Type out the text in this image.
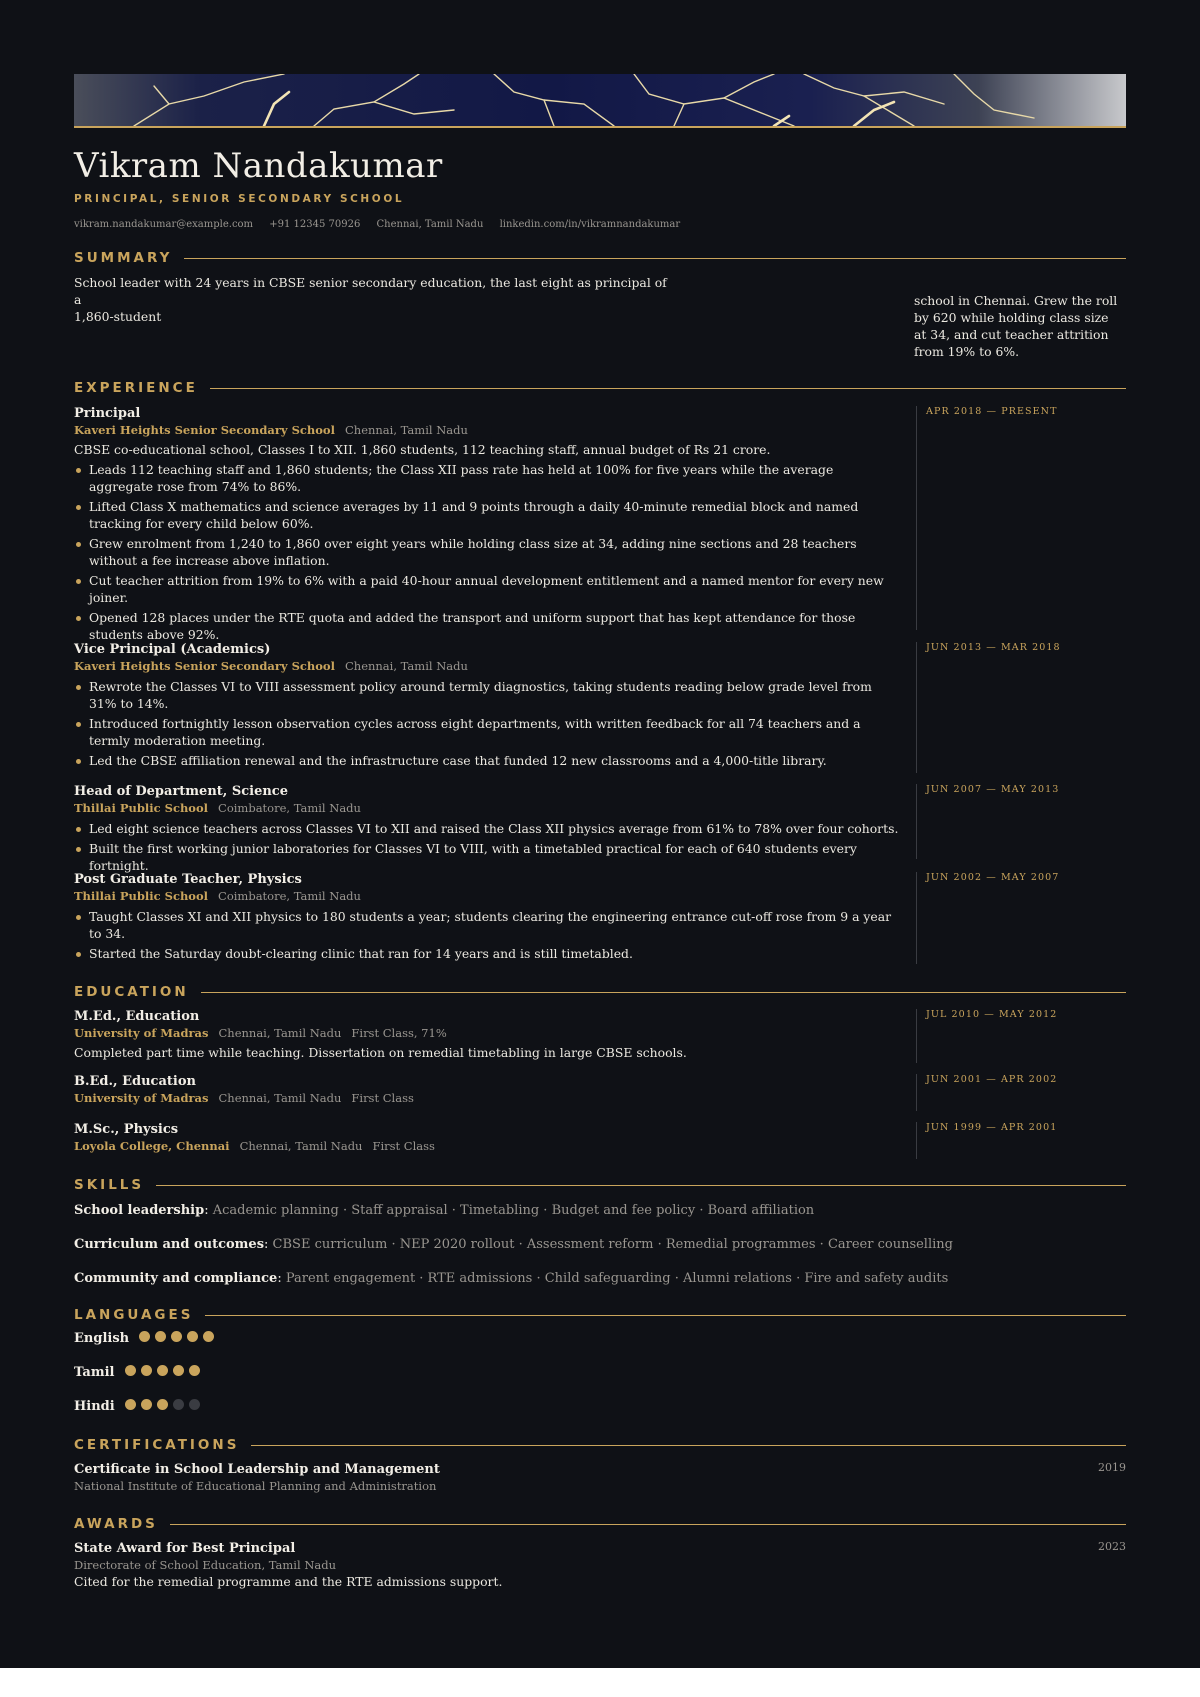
Vikram Nandakumar
PRINCIPAL, SENIOR SECONDARY SCHOOL
vikram.nandakumar@example.com +91 12345 70926 Chennai, Tamil Nadu linkedin.com/in/vikramnandakumar
SUMMARY
School leader with 24 years in CBSE senior secondary education, the last eight as principal of a
1,860-student
school in Chennai. Grew the roll by 620 while holding class size at 34, and cut teacher attrition from 19% to 6%.
EXPERIENCE
Principal
Kaveri Heights Senior Secondary School Chennai, Tamil Nadu
CBSE co-educational school, Classes I to XII. 1,860 students, 112 teaching staff, annual budget of Rs 21 crore.
Leads 112 teaching staff and 1,860 students; the Class XII pass rate has held at 100% for five years while the average aggregate rose from 74% to 86%.
Lifted Class X mathematics and science averages by 11 and 9 points through a daily 40-minute remedial block and named tracking for every child below 60%.
Grew enrolment from 1,240 to 1,860 over eight years while holding class size at 34, adding nine sections and 28 teachers without a fee increase above inflation.
Cut teacher attrition from 19% to 6% with a paid 40-hour annual development entitlement and a named mentor for every new joiner.
Opened 128 places under the RTE quota and added the transport and uniform support that has kept attendance for those students above 92%.
APR 2018 — PRESENT
Vice Principal (Academics)
Kaveri Heights Senior Secondary School Chennai, Tamil Nadu
Rewrote the Classes VI to VIII assessment policy around termly diagnostics, taking students reading below grade level from 31% to 14%.
Introduced fortnightly lesson observation cycles across eight departments, with written feedback for all 74 teachers and a termly moderation meeting.
Led the CBSE affiliation renewal and the infrastructure case that funded 12 new classrooms and a 4,000-title library.
JUN 2013 — MAR 2018
Head of Department, Science
Thillai Public School Coimbatore, Tamil Nadu
Led eight science teachers across Classes VI to XII and raised the Class XII physics average from 61% to 78% over four cohorts.
Built the first working junior laboratories for Classes VI to VIII, with a timetabled practical for each of 640 students every fortnight.
JUN 2007 — MAY 2013
Post Graduate Teacher, Physics
Thillai Public School Coimbatore, Tamil Nadu
Taught Classes XI and XII physics to 180 students a year; students clearing the engineering entrance cut-off rose from 9 a year to 34.
Started the Saturday doubt-clearing clinic that ran for 14 years and is still timetabled.
JUN 2002 — MAY 2007
EDUCATION
M.Ed., Education
University of Madras Chennai, Tamil Nadu First Class, 71%
Completed part time while teaching. Dissertation on remedial timetabling in large CBSE schools.
JUL 2010 — MAY 2012
B.Ed., Education
University of Madras Chennai, Tamil Nadu First Class
JUN 2001 — APR 2002
M.Sc., Physics
Loyola College, Chennai Chennai, Tamil Nadu First Class
JUN 1999 — APR 2001
SKILLS
School leadership: Academic planning · Staff appraisal · Timetabling · Budget and fee policy · Board affiliation
Curriculum and outcomes: CBSE curriculum · NEP 2020 rollout · Assessment reform · Remedial programmes · Career counselling
Community and compliance: Parent engagement · RTE admissions · Child safeguarding · Alumni relations · Fire and safety audits
LANGUAGES
English
Tamil
Hindi
CERTIFICATIONS
Certificate in School Leadership and Management
National Institute of Educational Planning and Administration
2019
AWARDS
State Award for Best Principal
Directorate of School Education, Tamil Nadu
Cited for the remedial programme and the RTE admissions support.
2023
